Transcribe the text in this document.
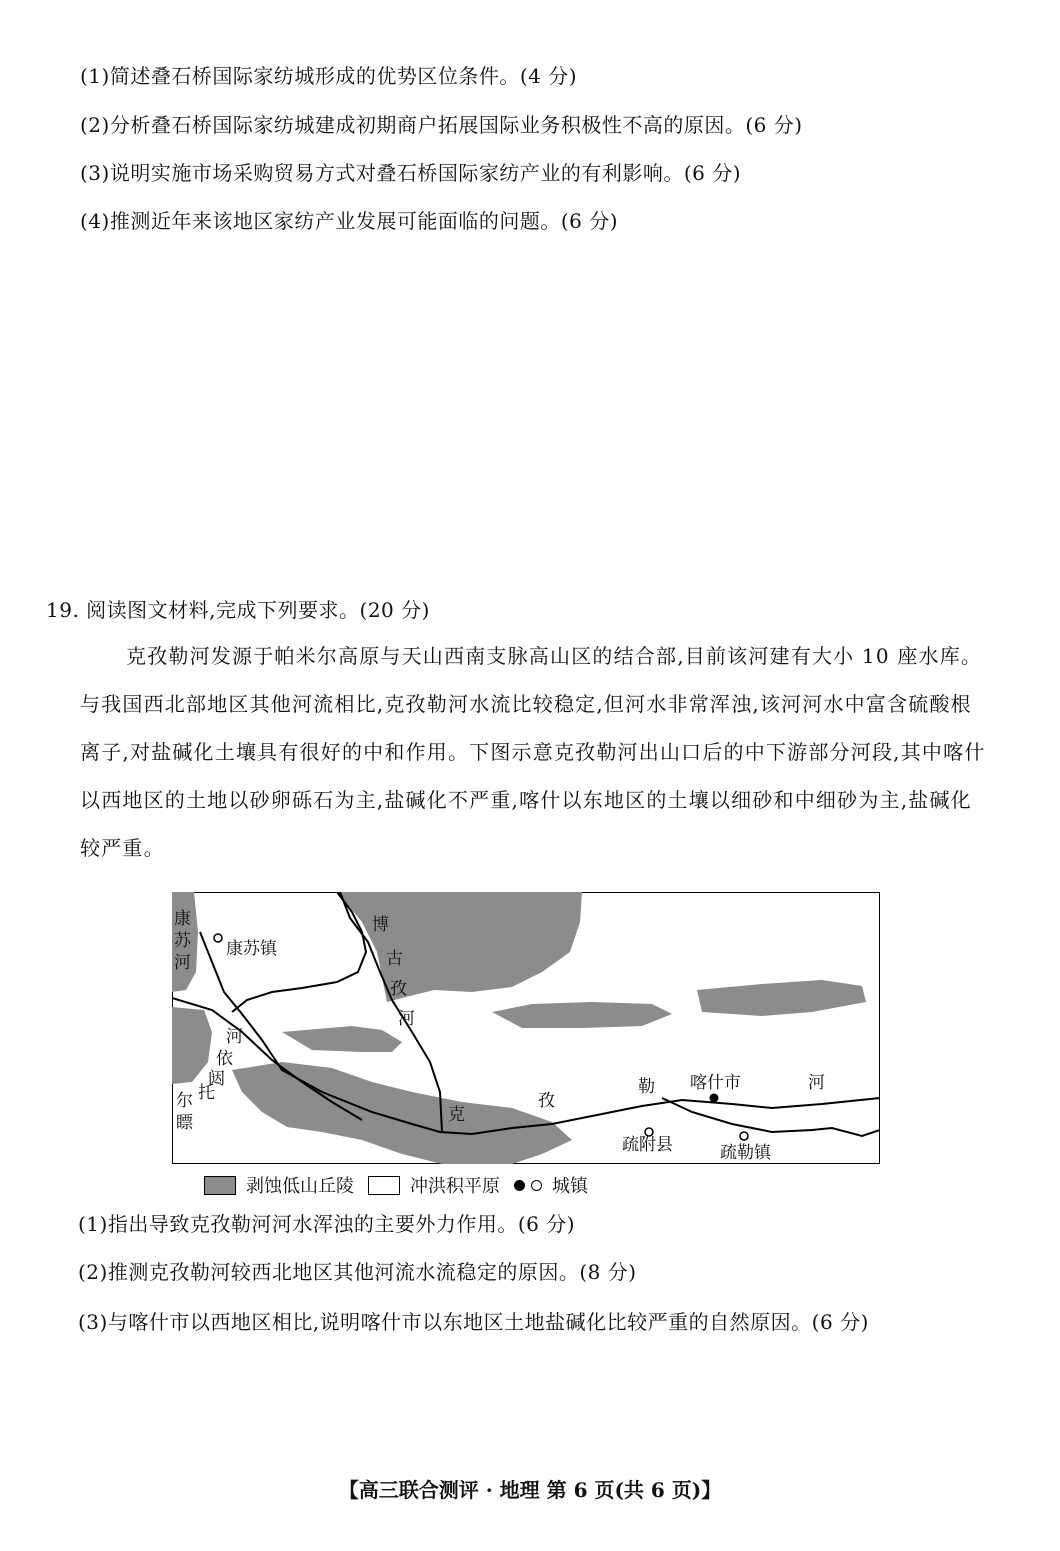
(1)简述叠石桥国际家纺城形成的优势区位条件。(4 分)
(2)分析叠石桥国际家纺城建成初期商户拓展国际业务积极性不高的原因。(6 分)
(3)说明实施市场采购贸易方式对叠石桥国际家纺产业的有利影响。(6 分)
(4)推测近年来该地区家纺产业发展可能面临的问题。(6 分)
19. 阅读图文材料,完成下列要求。(20 分)
克孜勒河发源于帕米尔高原与天山西南支脉高山区的结合部,目前该河建有大小 10 座水库。与我国西北部地区其他河流相比,克孜勒河水流比较稳定,但河水非常浑浊,该河河水中富含硫酸根离子,对盐碱化土壤具有很好的中和作用。下图示意克孜勒河出山口后的中下游部分河段,其中喀什以西地区的土地以砂卵砾石为主,盐碱化不严重,喀什以东地区的土壤以细砂和中细砂为主,盐碱化较严重。
康
苏
河
康苏镇
博
古
孜
河
河
依
闼
托
尔
瞟	克
孜
勒	河
喀什市
疏附县	疏勒镇
剥蚀低山丘陵	冲洪积平原	城镇
(1)指出导致克孜勒河河水浑浊的主要外力作用。(6 分)
(2)推测克孜勒河较西北地区其他河流水流稳定的原因。(8 分)
(3)与喀什市以西地区相比,说明喀什市以东地区土地盐碱化比较严重的自然原因。(6 分)
【高三联合测评 · 地理 第 6 页(共 6 页)】
